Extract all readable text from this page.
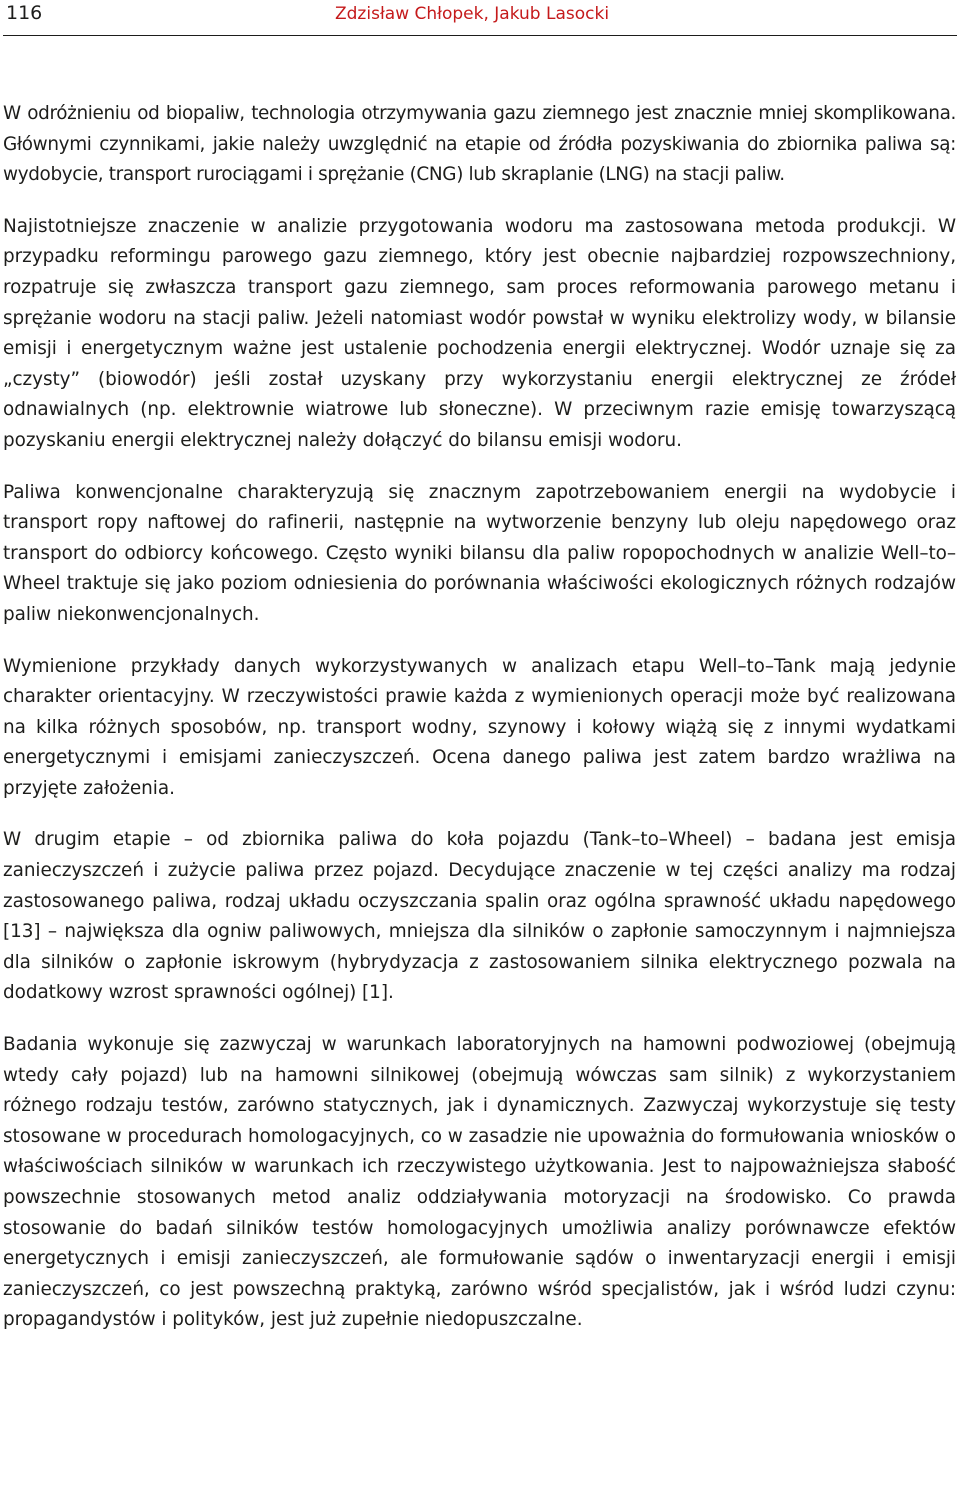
116	Zdzisław Chłopek, Jakub Lasocki

W odróżnieniu od biopaliw, technologia otrzymywania gazu ziemnego jest znacznie mniej skomplikowana. Głównymi czynnikami, jakie należy uwzględnić na etapie od źródła pozyskiwania do zbiornika paliwa są: wydobycie, transport rurociągami i sprężanie (CNG) lub skraplanie (LNG) na stacji paliw.

Najistotniejsze znaczenie w analizie przygotowania wodoru ma zastosowana metoda produkcji. W przypadku reformingu parowego gazu ziemnego, który jest obecnie najbardziej rozpowszechniony, rozpatruje się zwłaszcza transport gazu ziemnego, sam proces reformowania parowego metanu i sprężanie wodoru na stacji paliw. Jeżeli natomiast wodór powstał w wyniku elektrolizy wody, w bilansie emisji i energetycznym ważne jest ustalenie pochodzenia energii elektrycznej. Wodór uznaje się za „czysty” (biowodór) jeśli został uzyskany przy wykorzystaniu energii elektrycznej ze źródeł odnawialnych (np. elektrownie wiatrowe lub słoneczne). W przeciwnym razie emisję towarzyszącą pozyskaniu energii elektrycznej należy dołączyć do bilansu emisji wodoru.

Paliwa konwencjonalne charakteryzują się znacznym zapotrzebowaniem energii na wydobycie i transport ropy naftowej do rafinerii, następnie na wytworzenie benzyny lub oleju napędowego oraz transport do odbiorcy końcowego. Często wyniki bilansu dla paliw ropopochodnych w analizie Well–to–Wheel traktuje się jako poziom odniesienia do porównania właściwości ekologicznych różnych rodzajów paliw niekonwencjonalnych.

Wymienione przykłady danych wykorzystywanych w analizach etapu Well–to–Tank mają jedynie charakter orientacyjny. W rzeczywistości prawie każda z wymienionych operacji może być realizowana na kilka różnych sposobów, np. transport wodny, szynowy i kołowy wiążą się z innymi wydatkami energetycznymi i emisjami zanieczyszczeń. Ocena danego paliwa jest zatem bardzo wrażliwa na przyjęte założenia.

W drugim etapie – od zbiornika paliwa do koła pojazdu (Tank–to–Wheel) – badana jest emisja zanieczyszczeń i zużycie paliwa przez pojazd. Decydujące znaczenie w tej części analizy ma rodzaj zastosowanego paliwa, rodzaj układu oczyszczania spalin oraz ogólna sprawność układu napędowego [13] – największa dla ogniw paliwowych, mniejsza dla silników o zapłonie samoczynnym i najmniejsza dla silników o zapłonie iskrowym (hybrydyzacja z zastosowaniem silnika elektrycznego pozwala na dodatkowy wzrost sprawności ogólnej) [1].

Badania wykonuje się zazwyczaj w warunkach laboratoryjnych na hamowni podwoziowej (obejmują wtedy cały pojazd) lub na hamowni silnikowej (obejmują wówczas sam silnik) z wykorzystaniem różnego rodzaju testów, zarówno statycznych, jak i dynamicznych. Zazwyczaj wykorzystuje się testy stosowane w procedurach homologacyjnych, co w zasadzie nie upoważnia do formułowania wniosków o właściwościach silników w warunkach ich rzeczywistego użytkowania. Jest to najpoważniejsza słabość powszechnie stosowanych metod analiz oddziaływania motoryzacji na środowisko. Co prawda stosowanie do badań silników testów homologacyjnych umożliwia analizy porównawcze efektów energetycznych i emisji zanieczyszczeń, ale formułowanie sądów o inwentaryzacji energii i emisji zanieczyszczeń, co jest powszechną praktyką, zarówno wśród specjalistów, jak i wśród ludzi czynu: propagandystów i polityków, jest już zupełnie niedopuszczalne.
